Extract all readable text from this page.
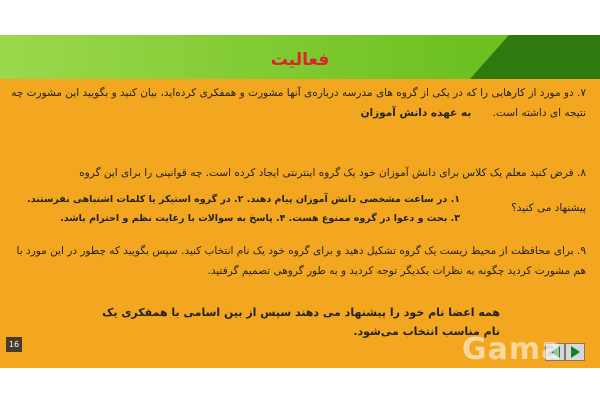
فعالیت
۷. دو مورد از کارهایی را که در یکی از گروه های مدرسه درباره‌ی آنها مشورت و همفکری کرده‌اید، بیان کنید و بگویید این مشورت چه نتیجه ای داشته است. به عهده دانش آموزان
۸. فرض کنید معلم یک کلاس برای دانش آموزان خود یک گروه اینترنتی ایجاد کرده است. چه قوانینی را برای این گروه
پیشنهاد می کنید؟
۱. در ساعت مشخصی دانش آموزان پیام دهند. ۲. در گروه استیکر یا کلمات اشتباهی نفرستند.
۳. بحث و دعوا در گروه ممنوع هست. ۴. پاسخ به سوالات با رعایت نظم و احترام باشد.
۹. برای محافظت از محیط زیست یک گروه تشکیل دهید و برای گروه خود یک نام انتخاب کنید. سپس بگویید که چطور در این مورد با هم مشورت کردید چگونه به نظرات یکدیگر توجه کردید و به طور گروهی تصمیم گرفتید.
همه اعضا نام خود را پیشنهاد می دهند سپس از بین اسامی با همفکری یک نام مناسب انتخاب می‌شود.
16	Gama
